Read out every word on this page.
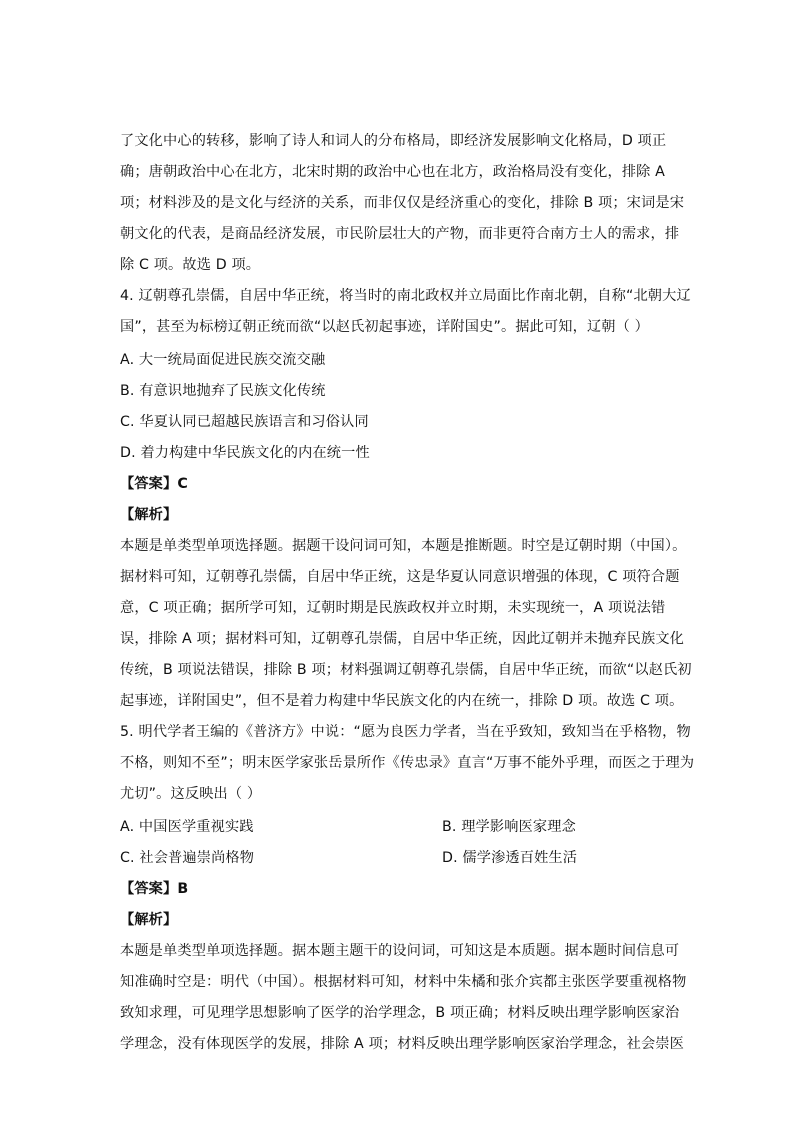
了文化中心的转移，影响了诗人和词人的分布格局，即经济发展影响文化格局，D 项正
确；唐朝政治中心在北方，北宋时期的政治中心也在北方，政治格局没有变化，排除 A
项；材料涉及的是文化与经济的关系，而非仅仅是经济重心的变化，排除 B 项；宋词是宋
朝文化的代表，是商品经济发展，市民阶层壮大的产物，而非更符合南方士人的需求，排
除 C 项。故选 D 项。
4. 辽朝尊孔崇儒，自居中华正统，将当时的南北政权并立局面比作南北朝，自称“北朝大辽
国”，甚至为标榜辽朝正统而欲“以赵氏初起事迹，详附国史”。据此可知，辽朝（ ）
A. 大一统局面促进民族交流交融
B. 有意识地抛弃了民族文化传统
C. 华夏认同已超越民族语言和习俗认同
D. 着力构建中华民族文化的内在统一性
【答案】C
【解析】
本题是单类型单项选择题。据题干设问词可知，本题是推断题。时空是辽朝时期（中国）。
据材料可知，辽朝尊孔崇儒，自居中华正统，这是华夏认同意识增强的体现，C 项符合题
意，C 项正确；据所学可知，辽朝时期是民族政权并立时期，未实现统一，A 项说法错
误，排除 A 项；据材料可知，辽朝尊孔崇儒，自居中华正统，因此辽朝并未抛弃民族文化
传统，B 项说法错误，排除 B 项；材料强调辽朝尊孔崇儒，自居中华正统，而欲“以赵氏初
起事迹，详附国史”，但不是着力构建中华民族文化的内在统一，排除 D 项。故选 C 项。
5. 明代学者王编的《普济方》中说：“愿为良医力学者，当在乎致知，致知当在乎格物，物
不格，则知不至”；明末医学家张岳景所作《传忠录》直言“万事不能外乎理，而医之于理为
尤切”。这反映出（ ）
A. 中国医学重视实践	B. 理学影响医家理念
C. 社会普遍崇尚格物	D. 儒学渗透百姓生活
【答案】B
【解析】
本题是单类型单项选择题。据本题主题干的设问词，可知这是本质题。据本题时间信息可
知准确时空是：明代（中国）。根据材料可知，材料中朱橘和张介宾都主张医学要重视格物
致知求理，可见理学思想影响了医学的治学理念，B 项正确；材料反映出理学影响医家治
学理念，没有体现医学的发展，排除 A 项；材料反映出理学影响医家治学理念，社会崇医
